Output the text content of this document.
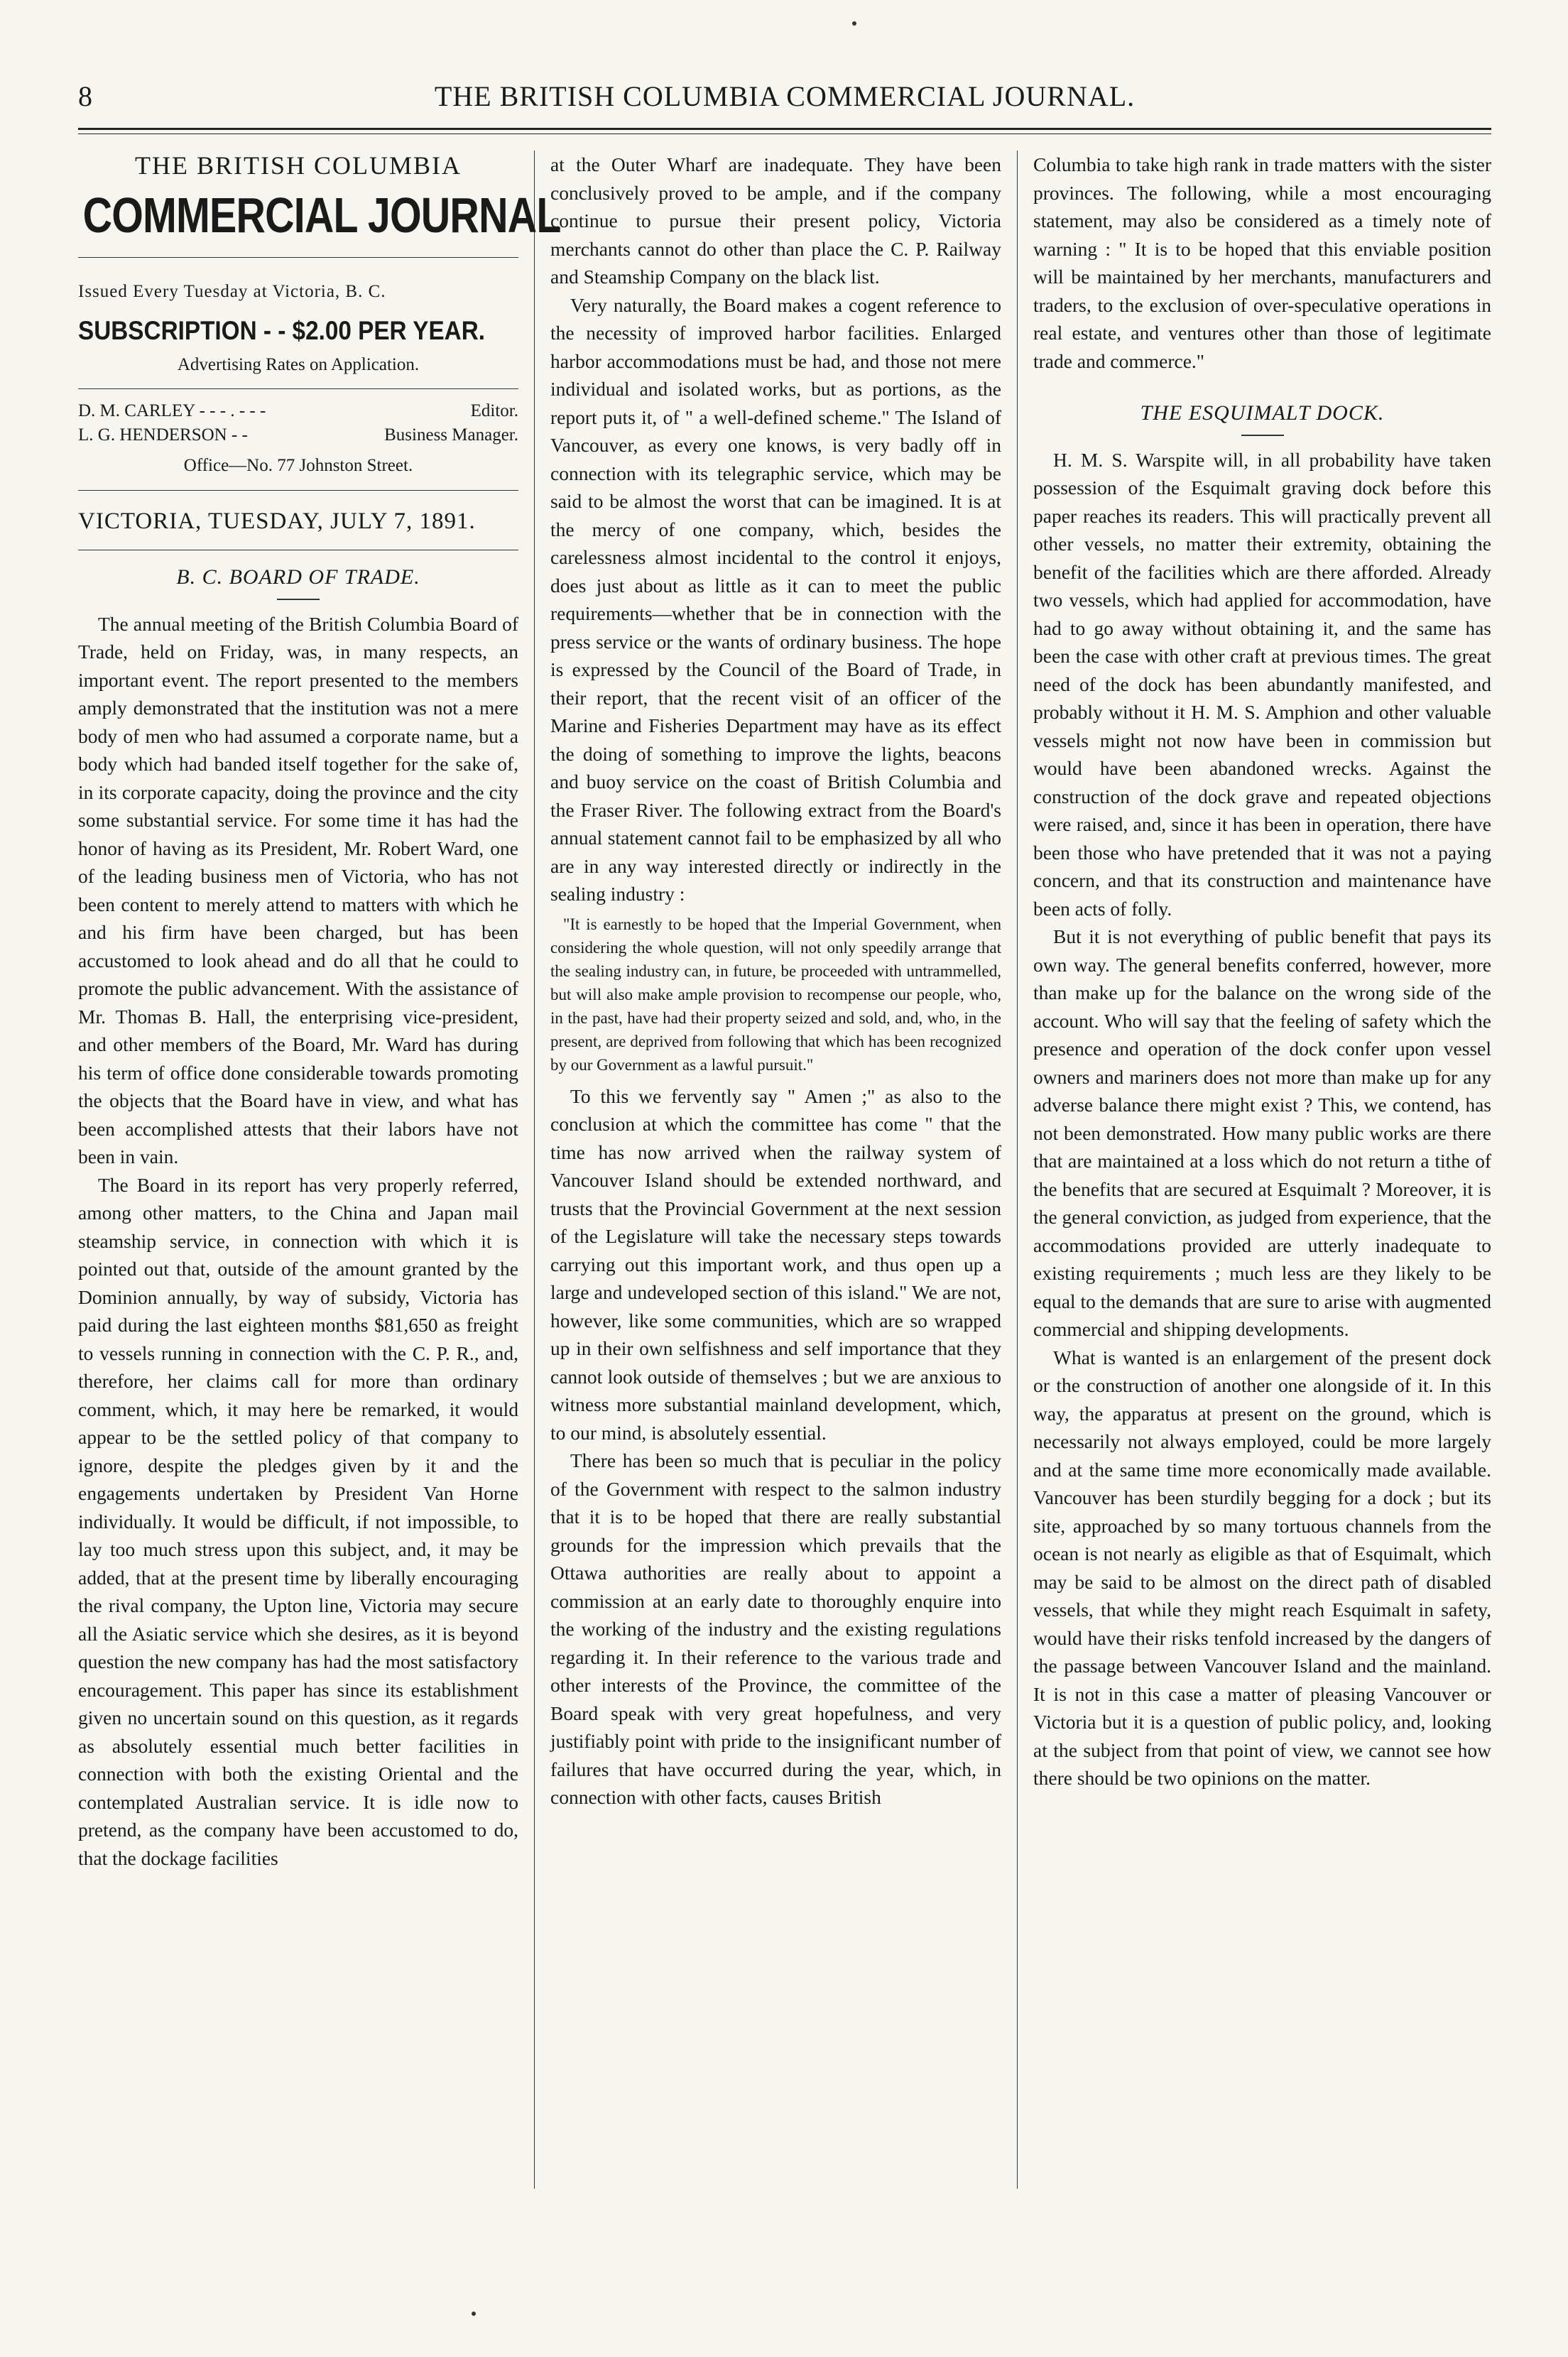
8	THE BRITISH COLUMBIA COMMERCIAL JOURNAL.
THE BRITISH COLUMBIA
COMMERCIAL JOURNAL
Issued Every Tuesday at Victoria, B. C.
SUBSCRIPTION - - $2.00 PER YEAR.
Advertising Rates on Application.
D. M. CARLEY - - - . - - -	Editor.
L. G. HENDERSON - -	Business Manager.
Office—No. 77 Johnston Street.
VICTORIA, TUESDAY, JULY 7, 1891.
B. C. BOARD OF TRADE.

The annual meeting of the British Columbia Board of Trade, held on Friday, was, in many respects, an important event. The report presented to the members amply demonstrated that the institution was not a mere body of men who had assumed a corporate name, but a body which had banded itself together for the sake of, in its corporate capacity, doing the province and the city some substantial service. For some time it has had the honor of having as its President, Mr. Robert Ward, one of the leading business men of Victoria, who has not been content to merely attend to matters with which he and his firm have been charged, but has been accustomed to look ahead and do all that he could to promote the public advancement. With the assistance of Mr. Thomas B. Hall, the enterprising vice-president, and other members of the Board, Mr. Ward has during his term of office done considerable towards promoting the objects that the Board have in view, and what has been accomplished attests that their labors have not been in vain.

The Board in its report has very properly referred, among other matters, to the China and Japan mail steamship service, in connection with which it is pointed out that, outside of the amount granted by the Dominion annually, by way of subsidy, Victoria has paid during the last eighteen months $81,650 as freight to vessels running in connection with the C. P. R., and, therefore, her claims call for more than ordinary comment, which, it may here be remarked, it would appear to be the settled policy of that company to ignore, despite the pledges given by it and the engagements undertaken by President Van Horne individually. It would be difficult, if not impossible, to lay too much stress upon this subject, and, it may be added, that at the present time by liberally encouraging the rival company, the Upton line, Victoria may secure all the Asiatic service which she desires, as it is beyond question the new company has had the most satisfactory encouragement. This paper has since its establishment given no uncertain sound on this question, as it regards as absolutely essential much better facilities in connection with both the existing Oriental and the contemplated Australian service. It is idle now to pretend, as the company have been accustomed to do, that the dockage facilities

at the Outer Wharf are inadequate. They have been conclusively proved to be ample, and if the company continue to pursue their present policy, Victoria merchants cannot do other than place the C. P. Railway and Steamship Company on the black list.

Very naturally, the Board makes a cogent reference to the necessity of improved harbor facilities. Enlarged harbor accommodations must be had, and those not mere individual and isolated works, but as portions, as the report puts it, of " a well-defined scheme." The Island of Vancouver, as every one knows, is very badly off in connection with its telegraphic service, which may be said to be almost the worst that can be imagined. It is at the mercy of one company, which, besides the carelessness almost incidental to the control it enjoys, does just about as little as it can to meet the public requirements—whether that be in connection with the press service or the wants of ordinary business. The hope is expressed by the Council of the Board of Trade, in their report, that the recent visit of an officer of the Marine and Fisheries Department may have as its effect the doing of something to improve the lights, beacons and buoy service on the coast of British Columbia and the Fraser River. The following extract from the Board's annual statement cannot fail to be emphasized by all who are in any way interested directly or indirectly in the sealing industry :

"It is earnestly to be hoped that the Imperial Government, when considering the whole question, will not only speedily arrange that the sealing industry can, in future, be proceeded with untrammelled, but will also make ample provision to recompense our people, who, in the past, have had their property seized and sold, and, who, in the present, are deprived from following that which has been recognized by our Government as a lawful pursuit."

To this we fervently say " Amen ;" as also to the conclusion at which the committee has come " that the time has now arrived when the railway system of Vancouver Island should be extended northward, and trusts that the Provincial Government at the next session of the Legislature will take the necessary steps towards carrying out this important work, and thus open up a large and undeveloped section of this island." We are not, however, like some communities, which are so wrapped up in their own selfishness and self importance that they cannot look outside of themselves ; but we are anxious to witness more substantial mainland development, which, to our mind, is absolutely essential.

There has been so much that is peculiar in the policy of the Government with respect to the salmon industry that it is to be hoped that there are really substantial grounds for the impression which prevails that the Ottawa authorities are really about to appoint a commission at an early date to thoroughly enquire into the working of the industry and the existing regulations regarding it. In their reference to the various trade and other interests of the Province, the committee of the Board speak with very great hopefulness, and very justifiably point with pride to the insignificant number of failures that have occurred during the year, which, in connection with other facts, causes British

Columbia to take high rank in trade matters with the sister provinces. The following, while a most encouraging statement, may also be considered as a timely note of warning : " It is to be hoped that this enviable position will be maintained by her merchants, manufacturers and traders, to the exclusion of over-speculative operations in real estate, and ventures other than those of legitimate trade and commerce."

THE ESQUIMALT DOCK.

H. M. S. Warspite will, in all probability have taken possession of the Esquimalt graving dock before this paper reaches its readers. This will practically prevent all other vessels, no matter their extremity, obtaining the benefit of the facilities which are there afforded. Already two vessels, which had applied for accommodation, have had to go away without obtaining it, and the same has been the case with other craft at previous times. The great need of the dock has been abundantly manifested, and probably without it H. M. S. Amphion and other valuable vessels might not now have been in commission but would have been abandoned wrecks. Against the construction of the dock grave and repeated objections were raised, and, since it has been in operation, there have been those who have pretended that it was not a paying concern, and that its construction and maintenance have been acts of folly.

But it is not everything of public benefit that pays its own way. The general benefits conferred, however, more than make up for the balance on the wrong side of the account. Who will say that the feeling of safety which the presence and operation of the dock confer upon vessel owners and mariners does not more than make up for any adverse balance there might exist ? This, we contend, has not been demonstrated. How many public works are there that are maintained at a loss which do not return a tithe of the benefits that are secured at Esquimalt ? Moreover, it is the general conviction, as judged from experience, that the accommodations provided are utterly inadequate to existing requirements ; much less are they likely to be equal to the demands that are sure to arise with augmented commercial and shipping developments.

What is wanted is an enlargement of the present dock or the construction of another one alongside of it. In this way, the apparatus at present on the ground, which is necessarily not always employed, could be more largely and at the same time more economically made available. Vancouver has been sturdily begging for a dock ; but its site, approached by so many tortuous channels from the ocean is not nearly as eligible as that of Esquimalt, which may be said to be almost on the direct path of disabled vessels, that while they might reach Esquimalt in safety, would have their risks tenfold increased by the dangers of the passage between Vancouver Island and the mainland. It is not in this case a matter of pleasing Vancouver or Victoria but it is a question of public policy, and, looking at the subject from that point of view, we cannot see how there should be two opinions on the matter.
